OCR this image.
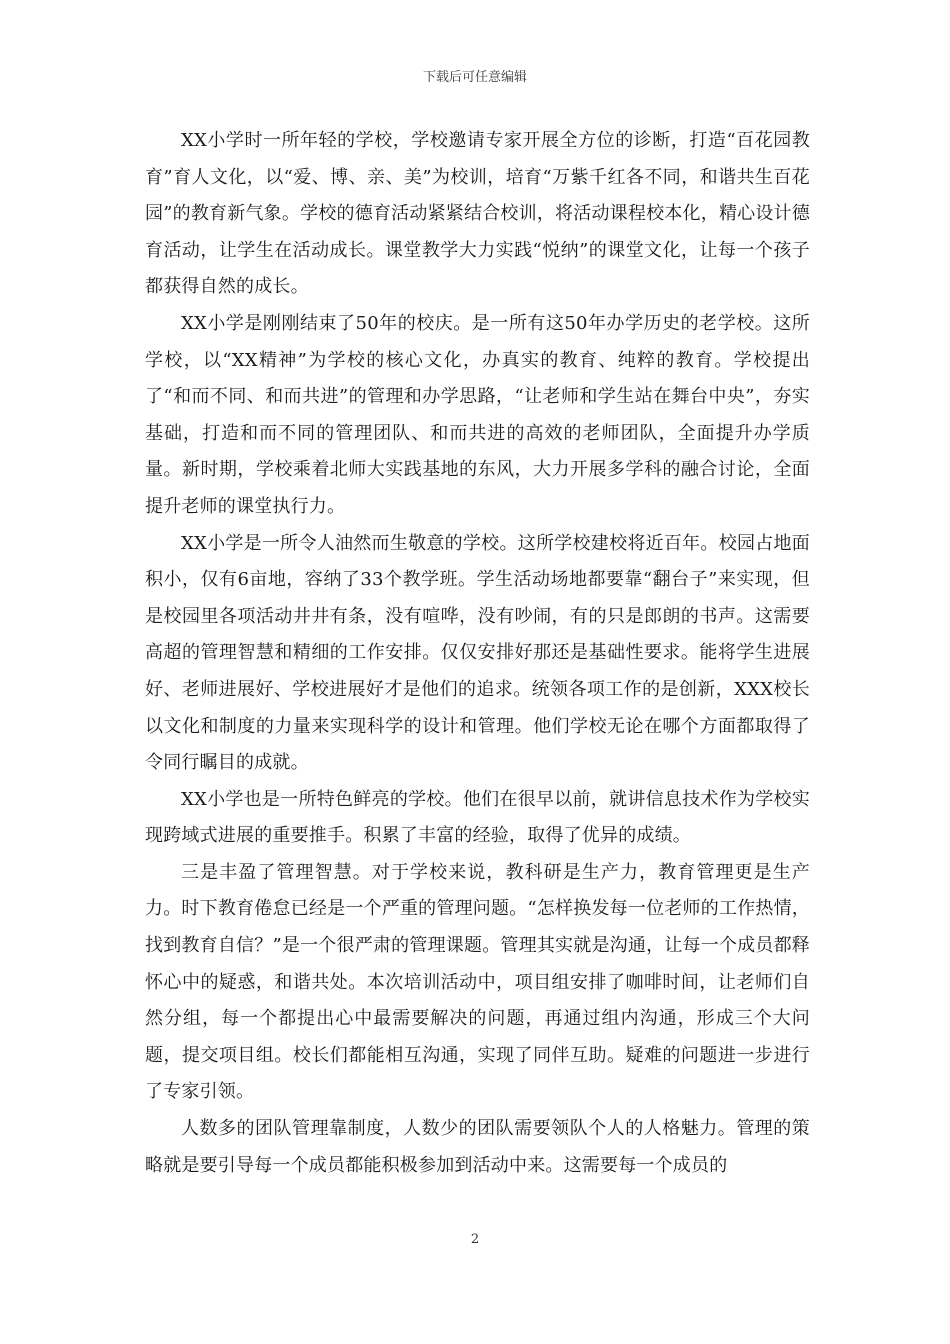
下载后可任意编辑

XX小学时一所年轻的学校，学校邀请专家开展全方位的诊断，打造“百花园教育”育人文化，以“爱、博、亲、美”为校训，培育“万紫千红各不同，和谐共生百花园”的教育新气象。学校的德育活动紧紧结合校训，将活动课程校本化，精心设计德育活动，让学生在活动成长。课堂教学大力实践“悦纳”的课堂文化，让每一个孩子都获得自然的成长。

XX小学是刚刚结束了50年的校庆。是一所有这50年办学历史的老学校。这所学校，以“XX精神”为学校的核心文化，办真实的教育、纯粹的教育。学校提出了“和而不同、和而共进”的管理和办学思路，“让老师和学生站在舞台中央”，夯实基础，打造和而不同的管理团队、和而共进的高效的老师团队，全面提升办学质量。新时期，学校乘着北师大实践基地的东风，大力开展多学科的融合讨论，全面提升老师的课堂执行力。

XX小学是一所令人油然而生敬意的学校。这所学校建校将近百年。校园占地面积小，仅有6亩地，容纳了33个教学班。学生活动场地都要靠“翻台子”来实现，但是校园里各项活动井井有条，没有喧哗，没有吵闹，有的只是郎朗的书声。这需要高超的管理智慧和精细的工作安排。仅仅安排好那还是基础性要求。能将学生进展好、老师进展好、学校进展好才是他们的追求。统领各项工作的是创新，XXX校长以文化和制度的力量来实现科学的设计和管理。他们学校无论在哪个方面都取得了令同行瞩目的成就。

XX小学也是一所特色鲜亮的学校。他们在很早以前，就讲信息技术作为学校实现跨域式进展的重要推手。积累了丰富的经验，取得了优异的成绩。

三是丰盈了管理智慧。对于学校来说，教科研是生产力，教育管理更是生产力。时下教育倦怠已经是一个严重的管理问题。“怎样换发每一位老师的工作热情，找到教育自信？”是一个很严肃的管理课题。管理其实就是沟通，让每一个成员都释怀心中的疑惑，和谐共处。本次培训活动中，项目组安排了咖啡时间，让老师们自然分组，每一个都提出心中最需要解决的问题，再通过组内沟通，形成三个大问题，提交项目组。校长们都能相互沟通，实现了同伴互助。疑难的问题进一步进行了专家引领。

人数多的团队管理靠制度，人数少的团队需要领队个人的人格魅力。管理的策略就是要引导每一个成员都能积极参加到活动中来。这需要每一个成员的

2
